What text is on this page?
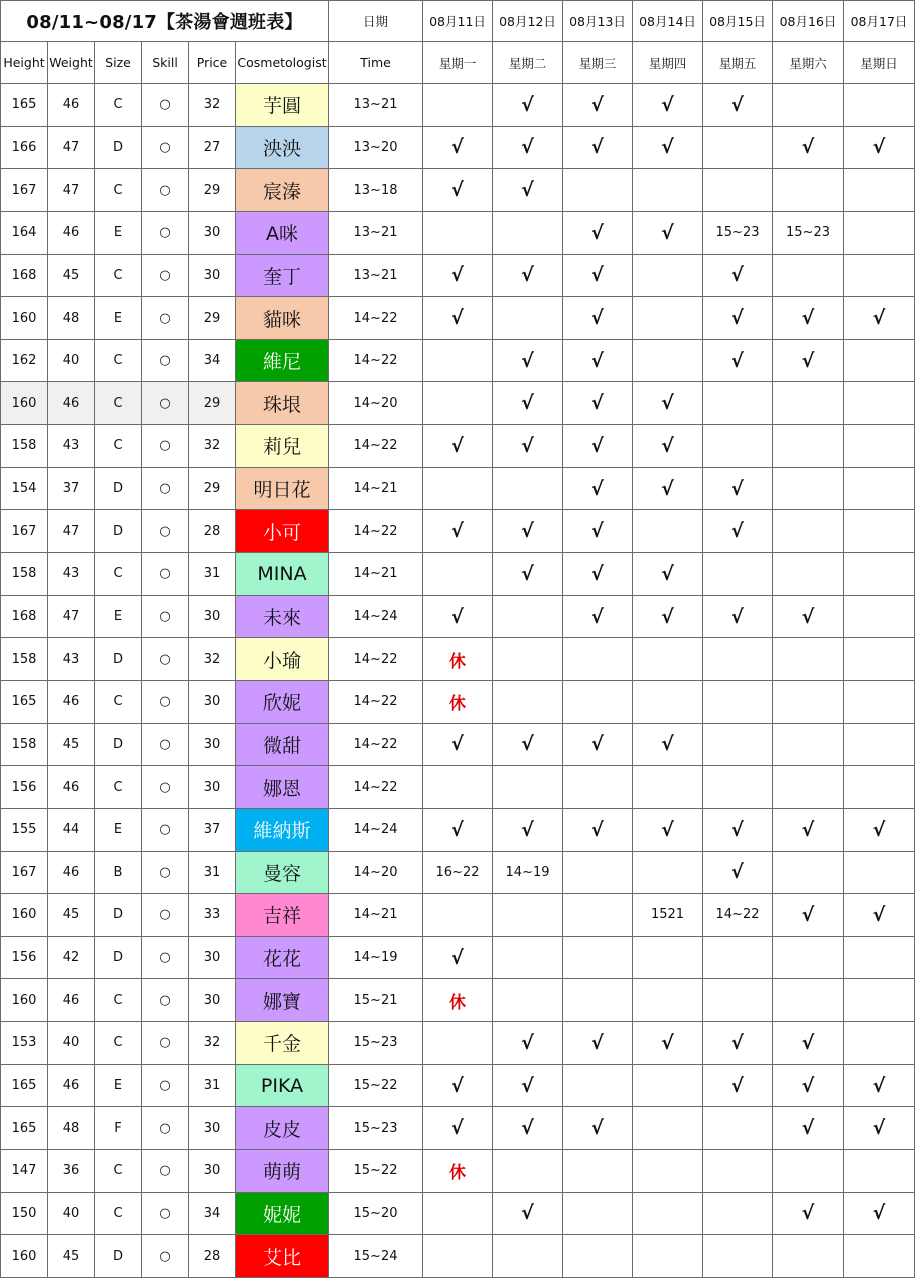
08/11~08/17【茶湯會週班表】						日期	08月11日	08月12日	08月13日	08月14日	08月15日	08月16日	08月17日
Height	Weight	Size	Skill	Price	Cosmetologist	Time	星期一	星期二	星期三	星期四	星期五	星期六	星期日
165	46	C	○	32	芋圓	13~21		√	√	√	√		
166	47	D	○	27	泱泱	13~20	√	√	√	√		√	√
167	47	C	○	29	宸溱	13~18	√	√					
164	46	E	○	30	A咪	13~21			√	√	15~23	15~23	
168	45	C	○	30	奎丁	13~21	√	√	√		√		
160	48	E	○	29	貓咪	14~22	√		√		√	√	√
162	40	C	○	34	維尼	14~22		√	√		√	√	
160	46	C	○	29	珠垠	14~20		√	√	√			
158	43	C	○	32	莉兒	14~22	√	√	√	√			
154	37	D	○	29	明日花	14~21			√	√	√		
167	47	D	○	28	小可	14~22	√	√	√		√		
158	43	C	○	31	MINA	14~21		√	√	√			
168	47	E	○	30	未來	14~24	√		√	√	√	√	
158	43	D	○	32	小瑜	14~22	休						
165	46	C	○	30	欣妮	14~22	休						
158	45	D	○	30	微甜	14~22	√	√	√	√			
156	46	C	○	30	娜恩	14~22							
155	44	E	○	37	維納斯	14~24	√	√	√	√	√	√	√
167	46	B	○	31	曼容	14~20	16~22	14~19			√		
160	45	D	○	33	吉祥	14~21				1521	14~22	√	√
156	42	D	○	30	花花	14~19	√						
160	46	C	○	30	娜寶	15~21	休						
153	40	C	○	32	千金	15~23		√	√	√	√	√	
165	46	E	○	31	PIKA	15~22	√	√			√	√	√
165	48	F	○	30	皮皮	15~23	√	√	√			√	√
147	36	C	○	30	萌萌	15~22	休						
150	40	C	○	34	妮妮	15~20		√				√	√
160	45	D	○	28	艾比	15~24							
